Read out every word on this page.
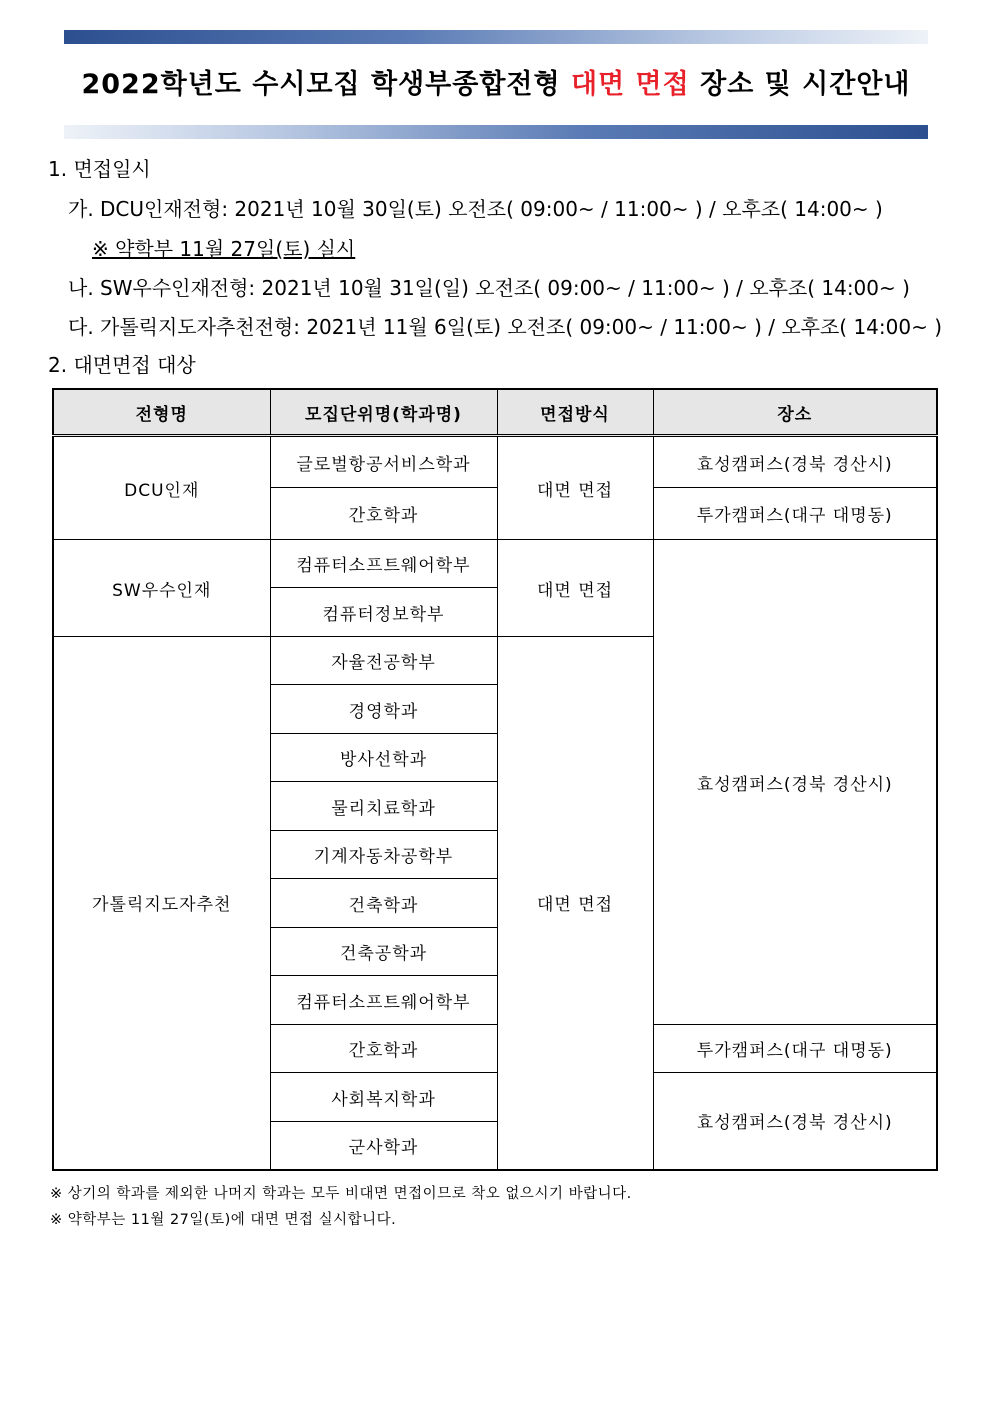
2022학년도 수시모집 학생부종합전형 대면 면접 장소 및 시간안내
1. 면접일시
가. DCU인재전형: 2021년 10월 30일(토) 오전조( 09:00~ / 11:00~ ) / 오후조( 14:00~ )
※ 약학부 11월 27일(토) 실시
나. SW우수인재전형: 2021년 10월 31일(일) 오전조( 09:00~ / 11:00~ ) / 오후조( 14:00~ )
다. 가톨릭지도자추천전형: 2021년 11월 6일(토) 오전조( 09:00~ / 11:00~ ) / 오후조( 14:00~ )
2. 대면면접 대상
전형명	모집단위명(학과명)	면접방식	장소
DCU인재	글로벌항공서비스학과	대면 면접	효성캠퍼스(경북 경산시)
	간호학과		투가캠퍼스(대구 대명동)
SW우수인재	컴퓨터소프트웨어학부	대면 면접	효성캠퍼스(경북 경산시)
	컴퓨터정보학부		
가톨릭지도자추천	자율전공학부	대면 면접	
	경영학과		
	방사선학과		
	물리치료학과		
	기계자동차공학부		
	건축학과		
	건축공학과		
	컴퓨터소프트웨어학부		
	간호학과		투가캠퍼스(대구 대명동)
	사회복지학과		효성캠퍼스(경북 경산시)
	군사학과		
※ 상기의 학과를 제외한 나머지 학과는 모두 비대면 면접이므로 착오 없으시기 바랍니다.
※ 약학부는 11월 27일(토)에 대면 면접 실시합니다.
